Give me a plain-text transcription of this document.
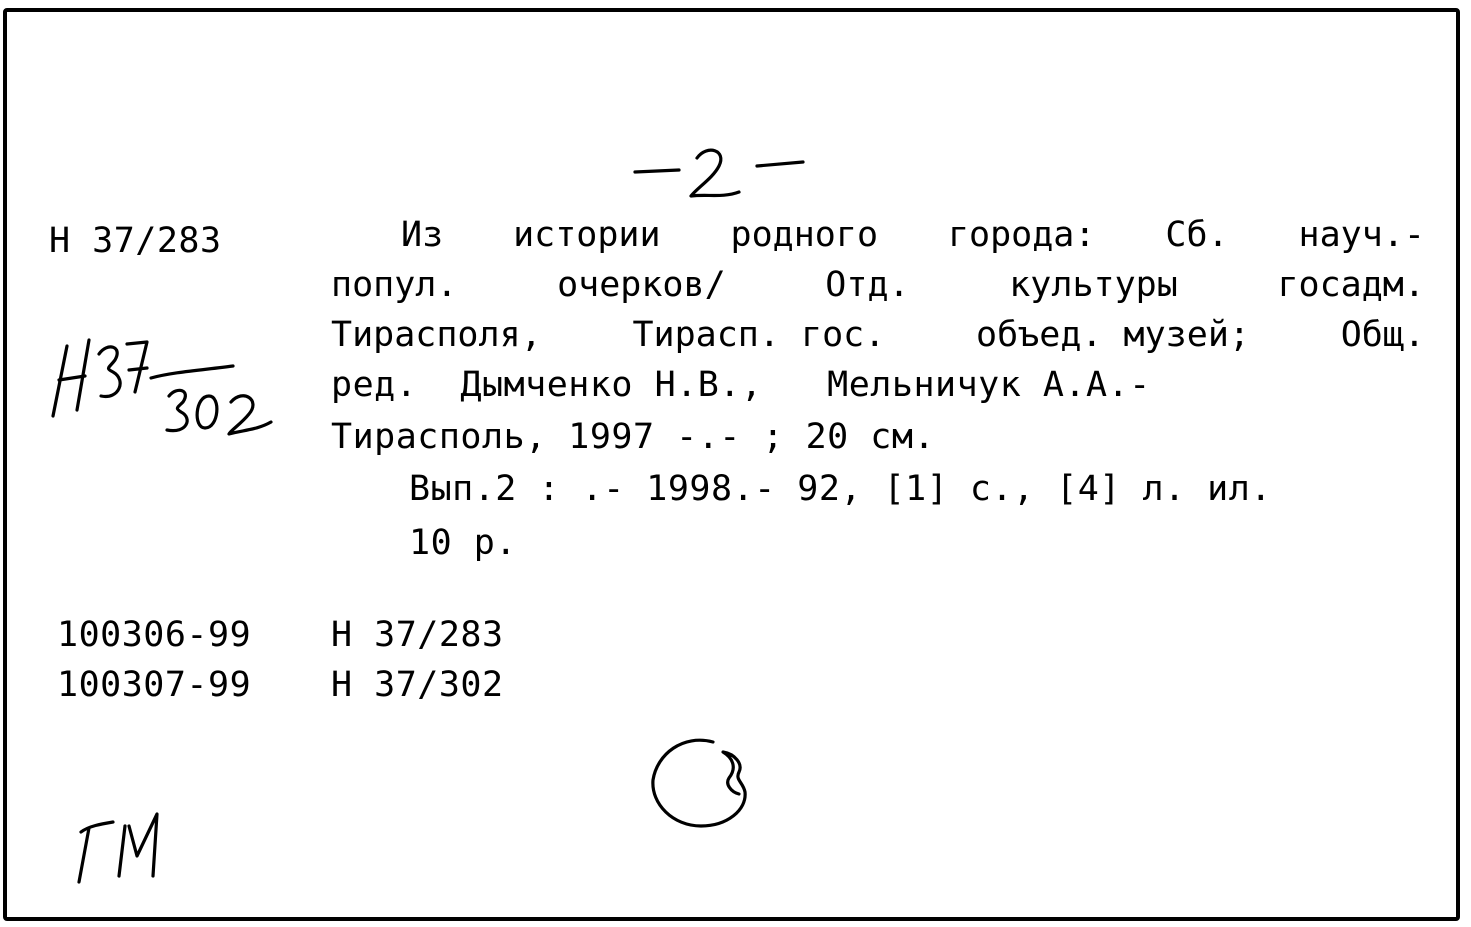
Н 37/283	Из истории родного города: Сб. науч.-
попул.	очерков/	Отд.	культуры	госадм.
Тирасполя,	Тирасп. гос.	объед. музей;	Общ.
ред.  Дымченко Н.В.,   Мельничук А.А.-
Тирасполь, 1997 -.- ; 20 см.
Вып.2 : .- 1998.- 92, [1] с., [4] л. ил.
10 р.
100306-99 Н 37/283
100307-99 Н 37/302
